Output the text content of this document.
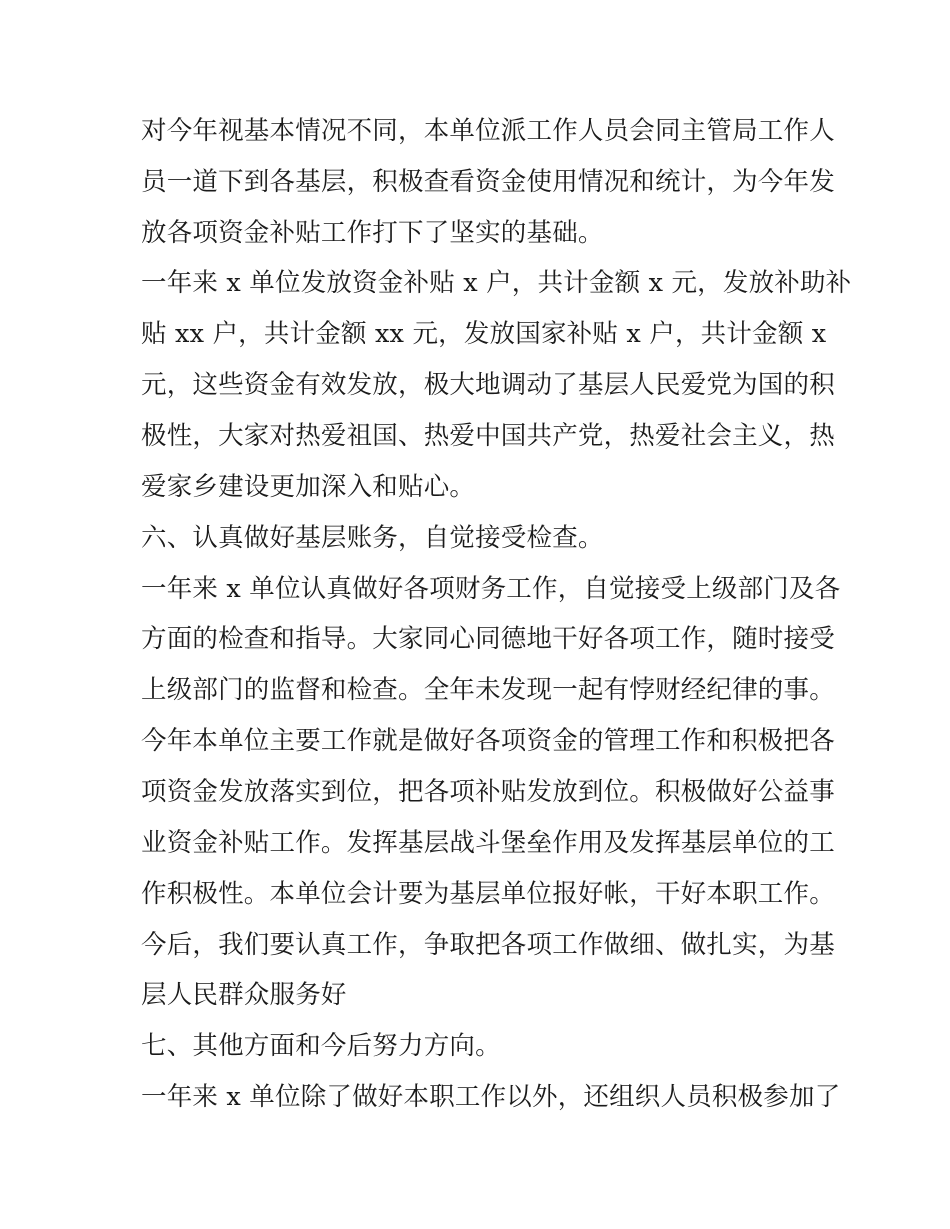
对今年视基本情况不同，本单位派工作人员会同主管局工作人
员一道下到各基层，积极查看资金使用情况和统计，为今年发
放各项资金补贴工作打下了坚实的基础。
一年来 x 单位发放资金补贴 x 户，共计金额 x 元，发放补助补
贴 xx 户，共计金额 xx 元，发放国家补贴 x 户，共计金额 x
元，这些资金有效发放，极大地调动了基层人民爱党为国的积
极性，大家对热爱祖国、热爱中国共产党，热爱社会主义，热
爱家乡建设更加深入和贴心。
六、认真做好基层账务，自觉接受检查。
一年来 x 单位认真做好各项财务工作，自觉接受上级部门及各
方面的检查和指导。大家同心同德地干好各项工作，随时接受
上级部门的监督和检查。全年未发现一起有悖财经纪律的事。
今年本单位主要工作就是做好各项资金的管理工作和积极把各
项资金发放落实到位，把各项补贴发放到位。积极做好公益事
业资金补贴工作。发挥基层战斗堡垒作用及发挥基层单位的工
作积极性。本单位会计要为基层单位报好帐，干好本职工作。
今后，我们要认真工作，争取把各项工作做细、做扎实，为基
层人民群众服务好
七、其他方面和今后努力方向。
一年来 x 单位除了做好本职工作以外，还组织人员积极参加了
